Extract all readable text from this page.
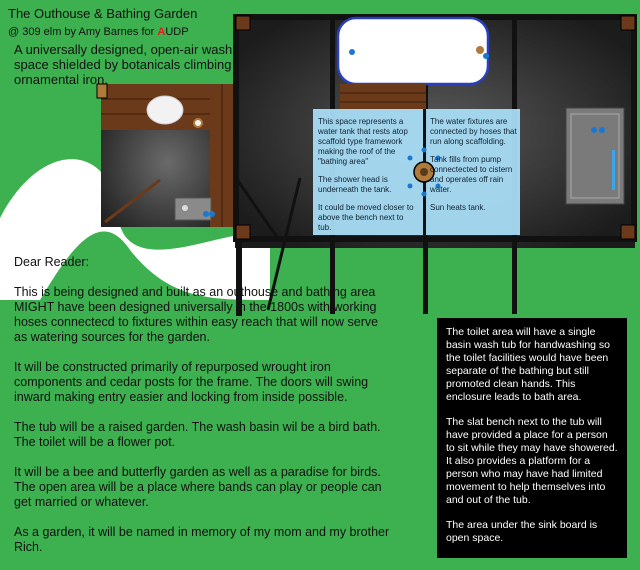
The Outhouse & Bathing Garden
@ 309 elm by Amy Barnes for AUDP
A universally designed, open-air wash space shielded by botanicals climbing ornamental iron.

This space represents a water tank that rests atop scaffold type framework making the roof of the "bathing area"

The shower head is underneath the tank.

It could be moved closer to above the bench next to tub.

The water fixtures are connected by hoses that run along scaffolding.

Tank fills from pump connectected to cistern and operates off rain water.

Sun heats tank.

Dear Reader:

This is being designed and built as an outhouse and bathing area MIGHT have been designed universally in the 1800s with working hoses connectecd to fixtures within easy reach that will now serve as watering sources for the garden.

It will be constructed primarily of repurposed wrought iron components and cedar posts for the frame. The doors will swing inward making entry easier and locking from inside possible.

The tub will be a raised garden. The wash basin wil be a bird bath. The toilet will be a flower pot.

It will be a bee and butterfly garden as well as a paradise for birds. The open area will be a place where bands can play or people can get married or whatever.

As a garden, it will be named in memory of my mom and my brother Rich.

The toilet area will have a single basin wash tub for handwashing so the toilet facilities would have been separate of the bathing but still promoted clean hands. This enclosure leads to bath area.

The slat bench next to the tub will have provided a place for a person to sit while they may have showered. It also provides a platform for a person who may have had limited movement to help themselves into and out of the tub.

The area under the sink board is open space.
